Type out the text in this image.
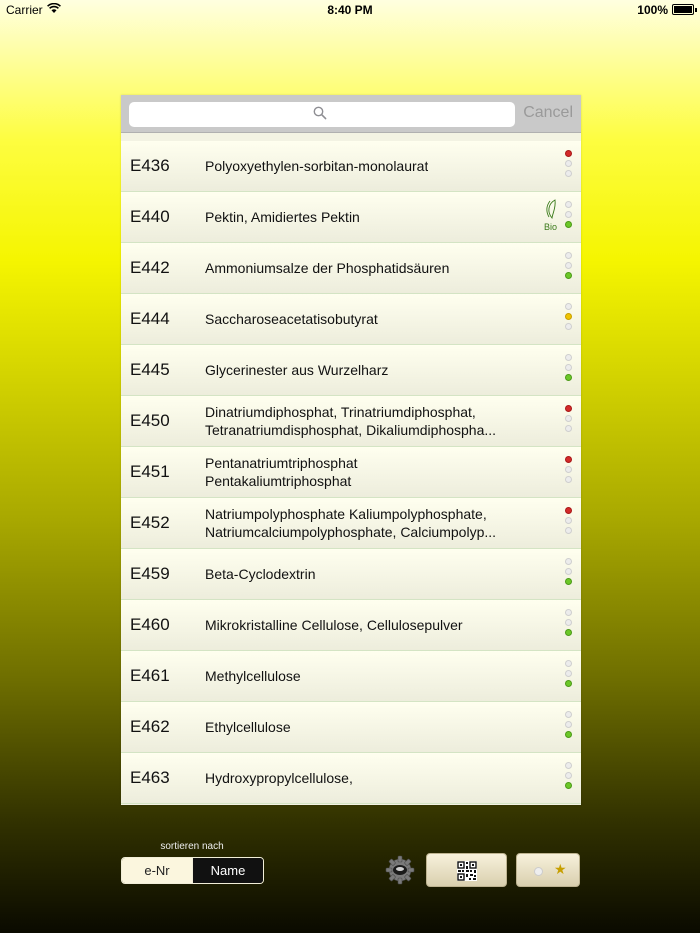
Carrier	8:40 PM	100%
Cancel
E436	Polyoxyethylen-sorbitan-monolaurat
E440	Pektin, Amidiertes Pektin
Bio
E442	Ammoniumsalze der Phosphatidsäuren
E444	Saccharoseacetatisobutyrat
E445	Glycerinester aus Wurzelharz
E450	Dinatriumdiphosphat, Trinatriumdiphosphat,
Tetranatriumdisphosphat, Dikaliumdiphospha...
E451	Pentanatriumtriphosphat
Pentakaliumtriphosphat
E452	Natriumpolyphosphate Kaliumpolyphosphate,
Natriumcalciumpolyphosphate, Calciumpolyp...
E459	Beta-Cyclodextrin
E460	Mikrokristalline Cellulose, Cellulosepulver
E461	Methylcellulose
E462	Ethylcellulose
E463	Hydroxypropylcellulose,
sortieren nach
e-Nr	Name	★
